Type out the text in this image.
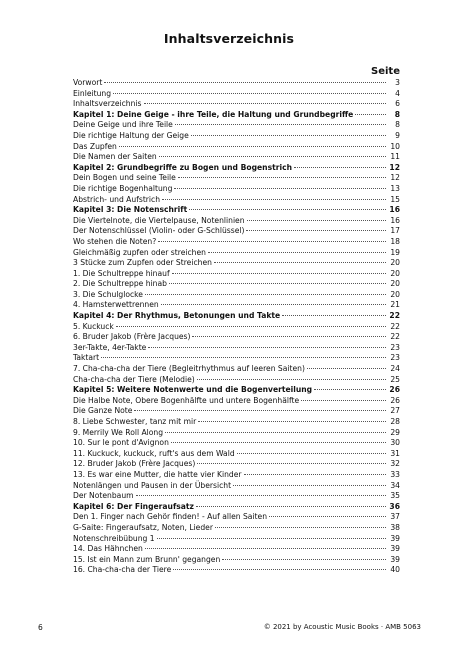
Inhaltsverzeichnis
Seite
Vorwort	3
Einleitung	4
Inhaltsverzeichnis	6
Kapitel 1: Deine Geige - ihre Teile, die Haltung und Grundbegriffe	8
Deine Geige und ihre Teile	8
Die richtige Haltung der Geige	9
Das Zupfen	10
Die Namen der Saiten	11
Kapitel 2: Grundbegriffe zu Bogen und Bogenstrich	12
Dein Bogen und seine Teile	12
Die richtige Bogenhaltung	13
Abstrich- und Aufstrich	15
Kapitel 3: Die Notenschrift	16
Die Viertelnote, die Viertelpause, Notenlinien	16
Der Notenschlüssel (Violin- oder G-Schlüssel)	17
Wo stehen die Noten?	18
Gleichmäßig zupfen oder streichen	19
3 Stücke zum Zupfen oder Streichen	20
1. Die Schultreppe hinauf	20
2. Die Schultreppe hinab	20
3. Die Schulglocke	20
4. Hamsterwettrennen	21
Kapitel 4: Der Rhythmus, Betonungen und Takte	22
5. Kuckuck	22
6. Bruder Jakob (Frère Jacques)	22
3er-Takte, 4er-Takte	23
Taktart	23
7. Cha-cha-cha der Tiere (Begleitrhythmus auf leeren Saiten)	24
Cha-cha-cha der Tiere (Melodie)	25
Kapitel 5: Weitere Notenwerte und die Bogenverteilung	26
Die Halbe Note, Obere Bogenhälfte und untere Bogenhälfte	26
Die Ganze Note	27
8. Liebe Schwester, tanz mit mir	28
9. Merrily We Roll Along	29
10. Sur le pont d'Avignon	30
11. Kuckuck, kuckuck, ruft's aus dem Wald	31
12. Bruder Jakob (Frère Jacques)	32
13. Es war eine Mutter, die hatte vier Kinder	33
Notenlängen und Pausen in der Übersicht	34
Der Notenbaum	35
Kapitel 6: Der Fingeraufsatz	36
Den 1. Finger nach Gehör finden! - Auf allen Saiten	37
G-Saite: Fingeraufsatz, Noten, Lieder	38
Notenschreibübung 1	39
14. Das Hähnchen	39
15. Ist ein Mann zum Brunn' gegangen	39
16. Cha-cha-cha der Tiere	40
6	© 2021 by Acoustic Music Books · AMB 5063
